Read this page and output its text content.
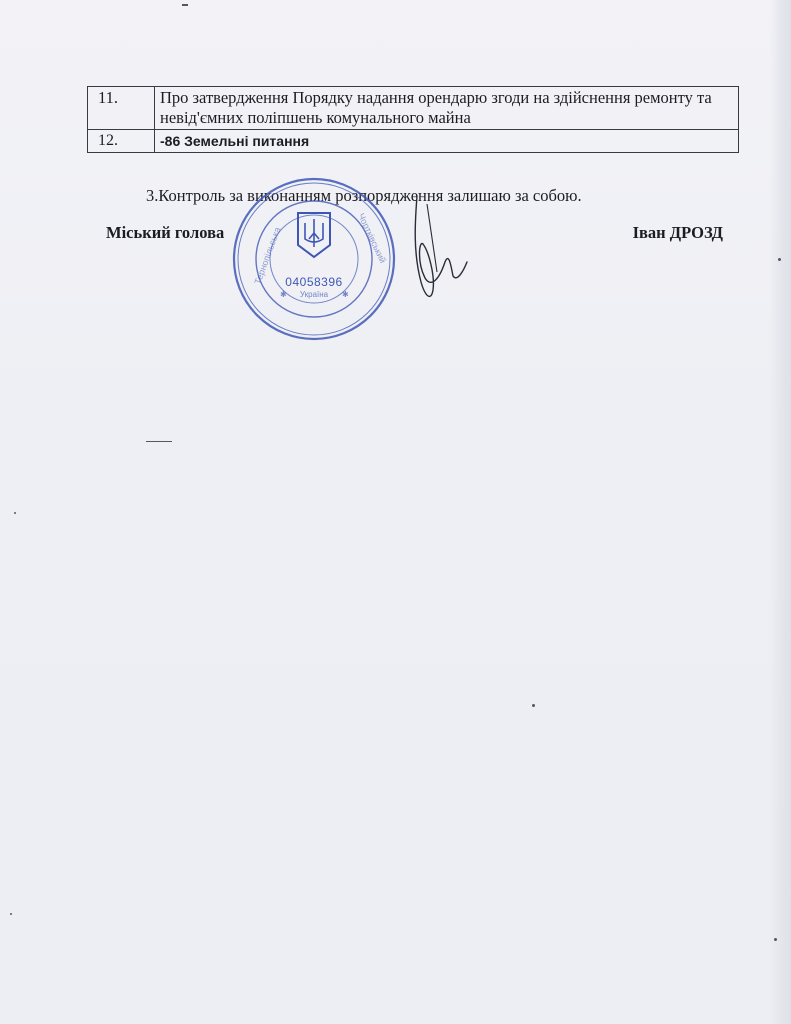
11.	Про затвердження Порядку надання орендарю згоди на здійснення ремонту та невід'ємних поліпшень комунального майна
12.	-86 Земельні питання
3.Контроль за виконанням розпорядження залишаю за собою.
Міський голова	Іван ДРОЗД
Тернопільська	Чортківський
Україна
✱	✱
04058396
